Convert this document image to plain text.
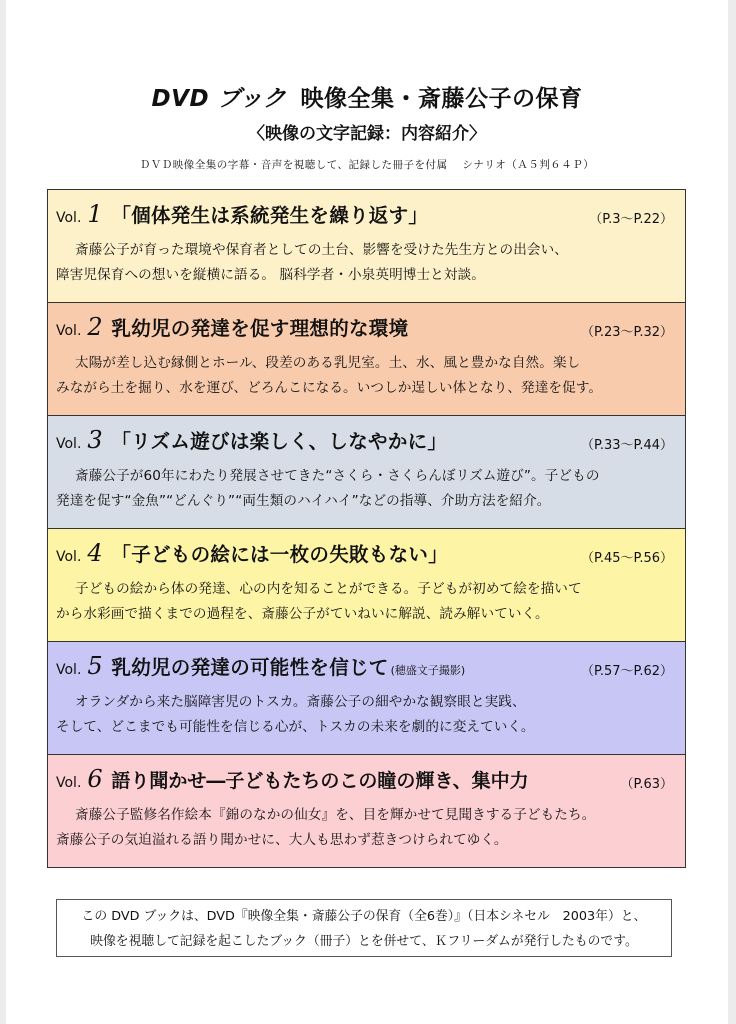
DVD ブック 映像全集・斎藤公子の保育
〈映像の文字記録：内容紹介〉
ＤＶＤ映像全集の字幕・音声を視聴して、記録した冊子を付属　 シナリオ（Ａ５判６４Ｐ）
Vol. 1 「個体発生は系統発生を繰り返す」	（P.3～P.22）
斎藤公子が育った環境や保育者としての土台、影響を受けた先生方との出会い、
障害児保育への想いを縦横に語る。 脳科学者・小泉英明博士と対談。
Vol. 2 乳幼児の発達を促す理想的な環境	（P.23～P.32）
太陽が差し込む縁側とホール、段差のある乳児室。土、水、風と豊かな自然。楽し
みながら土を掘り、水を運び、どろんこになる。いつしか逞しい体となり、発達を促す。
Vol. 3 「リズム遊びは楽しく、しなやかに」	（P.33～P.44）
斎藤公子が60年にわたり発展させてきた“さくら・さくらんぼリズム遊び”。子どもの
発達を促す“金魚”“どんぐり”“両生類のハイハイ”などの指導、介助方法を紹介。
Vol. 4 「子どもの絵には一枚の失敗もない」	（P.45～P.56）
子どもの絵から体の発達、心の内を知ることができる。子どもが初めて絵を描いて
から水彩画で描くまでの過程を、斎藤公子がていねいに解説、読み解いていく。
Vol. 5 乳幼児の発達の可能性を信じて (穂盛文子撮影)	（P.57～P.62）
オランダから来た脳障害児のトスカ。斎藤公子の細やかな観察眼と実践、
そして、どこまでも可能性を信じる心が、トスカの未来を劇的に変えていく。
Vol. 6 語り聞かせ―子どもたちのこの瞳の輝き、集中力	（P.63）
斎藤公子監修名作絵本『錦のなかの仙女』を、目を輝かせて見聞きする子どもたち。
斎藤公子の気迫溢れる語り聞かせに、大人も思わず惹きつけられてゆく。
この DVD ブックは、DVD『映像全集・斎藤公子の保育（全6巻）』（日本シネセル　2003年）と、
映像を視聴して記録を起こしたブック（冊子）とを併せて、Ｋフリーダムが発行したものです。
